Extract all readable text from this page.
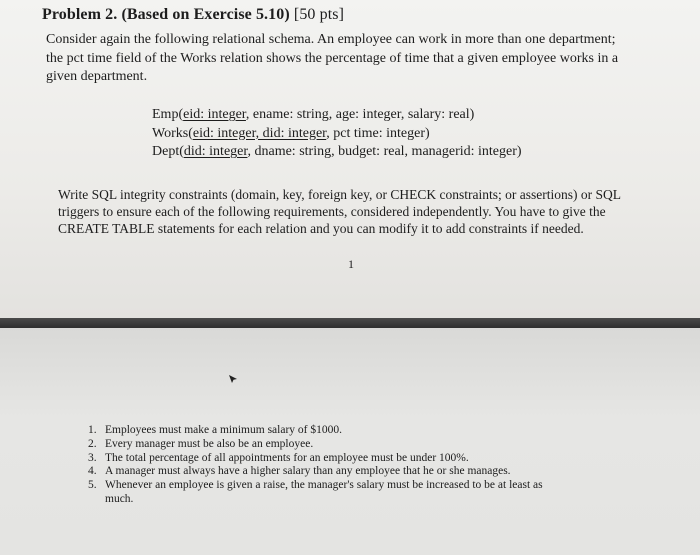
Problem 2. (Based on Exercise 5.10) [50 pts]
Consider again the following relational schema. An employee can work in more than one department;
the pct time field of the Works relation shows the percentage of time that a given employee works in a
given department.
Emp(eid: integer, ename: string, age: integer, salary: real)
Works(eid: integer, did: integer, pct time: integer)
Dept(did: integer, dname: string, budget: real, managerid: integer)
Write SQL integrity constraints (domain, key, foreign key, or CHECK constraints; or assertions) or SQL
triggers to ensure each of the following requirements, considered independently. You have to give the
CREATE TABLE statements for each relation and you can modify it to add constraints if needed.
1
1. Employees must make a minimum salary of $1000.
2. Every manager must be also be an employee.
3. The total percentage of all appointments for an employee must be under 100%.
4. A manager must always have a higher salary than any employee that he or she manages.
5. Whenever an employee is given a raise, the manager's salary must be increased to be at least as
much.
